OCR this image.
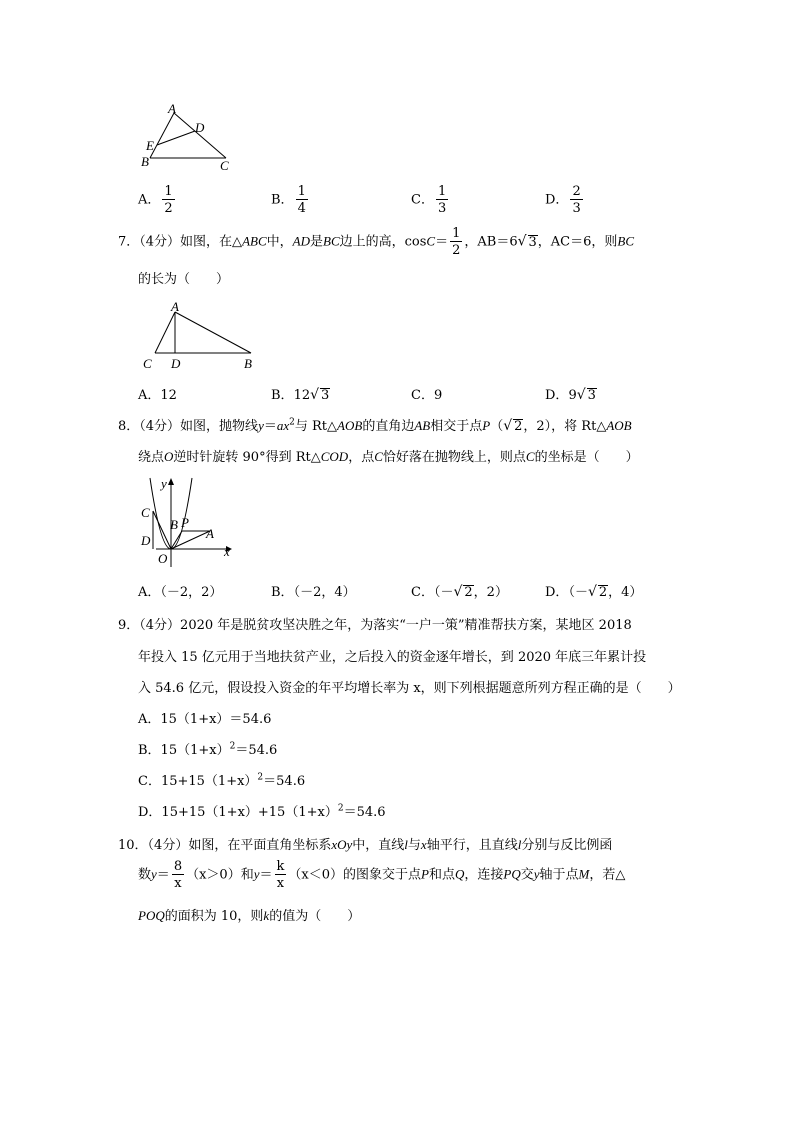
A
D
E
B	C
A． $\frac{1}{2}$	B． $\frac{1}{4}$	C． $\frac{1}{3}$	D． $\frac{2}{3}$
7．（4分）如图，在△ABC中，AD是BC边上的高，$\cos C= \frac{1}{2}$ ，AB＝6√ 3，AC＝6，则BC
的长为（　　）
A
C D	B
A．12	B．12√ 3	C．9	D．9√ 3
8．（4分）如图，抛物线$y=ax^2$与 Rt△AOB的直角边AB相交于点P（√ 2，2），将 Rt△AOB
绕点O逆时针旋转 90°得到 Rt△COD，点C恰好落在抛物线上，则点C的坐标是（　　）
y
C
B P
A
D
O	x
A．（－2，2）	B．（－2，4）	C．（－√ 2，2）	D．（－√ 2，4）
9．（4分）2020 年是脱贫攻坚决胜之年，为落实“一户一策”精准帮扶方案，某地区 2018
年投入 15 亿元用于当地扶贫产业，之后投入的资金逐年增长，到 2020 年底三年累计投
入 54.6 亿元，假设投入资金的年平均增长率为 x，则下列根据题意所列方程正确的是（　　）
A．15（1+x）＝54.6
B．$15(1+x)^2=54.6$
C．$15+15(1+x)^2=54.6$
D．$15+15(1+x)+15(1+x)^2=54.6$
10．（4分）如图，在平面直角坐标系xOy中，直线l与x轴平行，且直线l分别与反比例函
数$y= \frac{8}{x} (x>0)$和$y= \frac{k}{x} (x<0)$的图象交于点P和点Q，连接PQ交y轴于点M，若△
POQ的面积为 10，则k的值为（　　）
